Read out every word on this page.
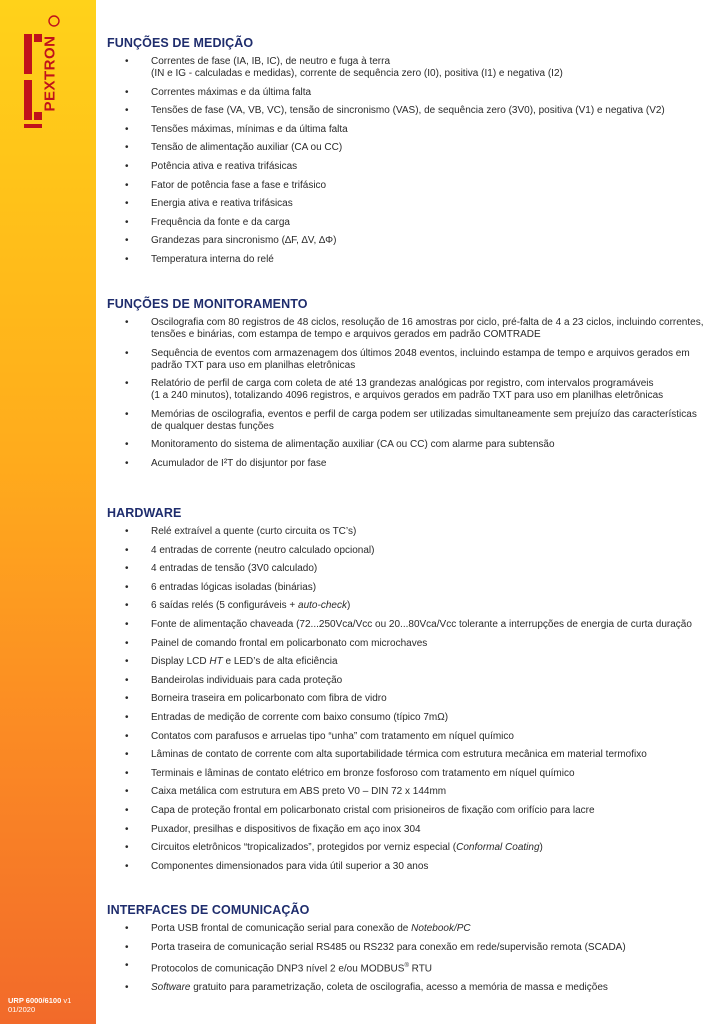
PEXTRON
URP 6000/6100 v1
01/2020
FUNÇÕES DE MEDIÇÃO
• Correntes de fase (IA, IB, IC), de neutro e fuga à terra
(IN e IG - calculadas e medidas), corrente de sequência zero (I0), positiva (I1) e negativa (I2)
• Correntes máximas e da última falta
• Tensões de fase (VA, VB, VC), tensão de sincronismo (VAS), de sequência zero (3V0), positiva (V1) e negativa (V2)
• Tensões máximas, mínimas e da última falta
• Tensão de alimentação auxiliar (CA ou CC)
• Potência ativa e reativa trifásicas
• Fator de potência fase a fase e trifásico
• Energia ativa e reativa trifásicas
• Frequência da fonte e da carga
• Grandezas para sincronismo (∆F, ∆V, ∆Φ)
• Temperatura interna do relé
FUNÇÕES DE MONITORAMENTO
• Oscilografia com 80 registros de 48 ciclos, resolução de 16 amostras por ciclo, pré-falta de 4 a 23 ciclos, incluindo correntes,
tensões e binárias, com estampa de tempo e arquivos gerados em padrão COMTRADE
• Sequência de eventos com armazenagem dos últimos 2048 eventos, incluindo estampa de tempo e arquivos gerados em
padrão TXT para uso em planilhas eletrônicas
• Relatório de perfil de carga com coleta de até 13 grandezas analógicas por registro, com intervalos programáveis
(1 a 240 minutos), totalizando 4096 registros, e arquivos gerados em padrão TXT para uso em planilhas eletrônicas
• Memórias de oscilografia, eventos e perfil de carga podem ser utilizadas simultaneamente sem prejuízo das características
de qualquer destas funções
• Monitoramento do sistema de alimentação auxiliar (CA ou CC) com alarme para subtensão
• Acumulador de I²T do disjuntor por fase
HARDWARE
• Relé extraível a quente (curto circuita os TC’s)
• 4 entradas de corrente (neutro calculado opcional)
• 4 entradas de tensão (3V0 calculado)
• 6 entradas lógicas isoladas (binárias)
• 6 saídas relés (5 configuráveis + auto-check)
• Fonte de alimentação chaveada (72...250Vca/Vcc ou 20...80Vca/Vcc tolerante a interrupções de energia de curta duração
• Painel de comando frontal em policarbonato com microchaves
• Display LCD HT e LED’s de alta eficiência
• Bandeirolas individuais para cada proteção
• Borneira traseira em policarbonato com fibra de vidro
• Entradas de medição de corrente com baixo consumo (típico 7mΩ)
• Contatos com parafusos e arruelas tipo “unha” com tratamento em níquel químico
• Lâminas de contato de corrente com alta suportabilidade térmica com estrutura mecânica em material termofixo
• Terminais e lâminas de contato elétrico em bronze fosforoso com tratamento em níquel químico
• Caixa metálica com estrutura em ABS preto V0 – DIN 72 x 144mm
• Capa de proteção frontal em policarbonato cristal com prisioneiros de fixação com orifício para lacre
• Puxador, presilhas e dispositivos de fixação em aço inox 304
• Circuitos eletrônicos “tropicalizados”, protegidos por verniz especial (Conformal Coating)
• Componentes dimensionados para vida útil superior a 30 anos
INTERFACES DE COMUNICAÇÃO
• Porta USB frontal de comunicação serial para conexão de Notebook/PC
• Porta traseira de comunicação serial RS485 ou RS232 para conexão em rede/supervisão remota (SCADA)
• Protocolos de comunicação DNP3 nível 2 e/ou MODBUS® RTU
• Software gratuito para parametrização, coleta de oscilografia, acesso a memória de massa e medições
